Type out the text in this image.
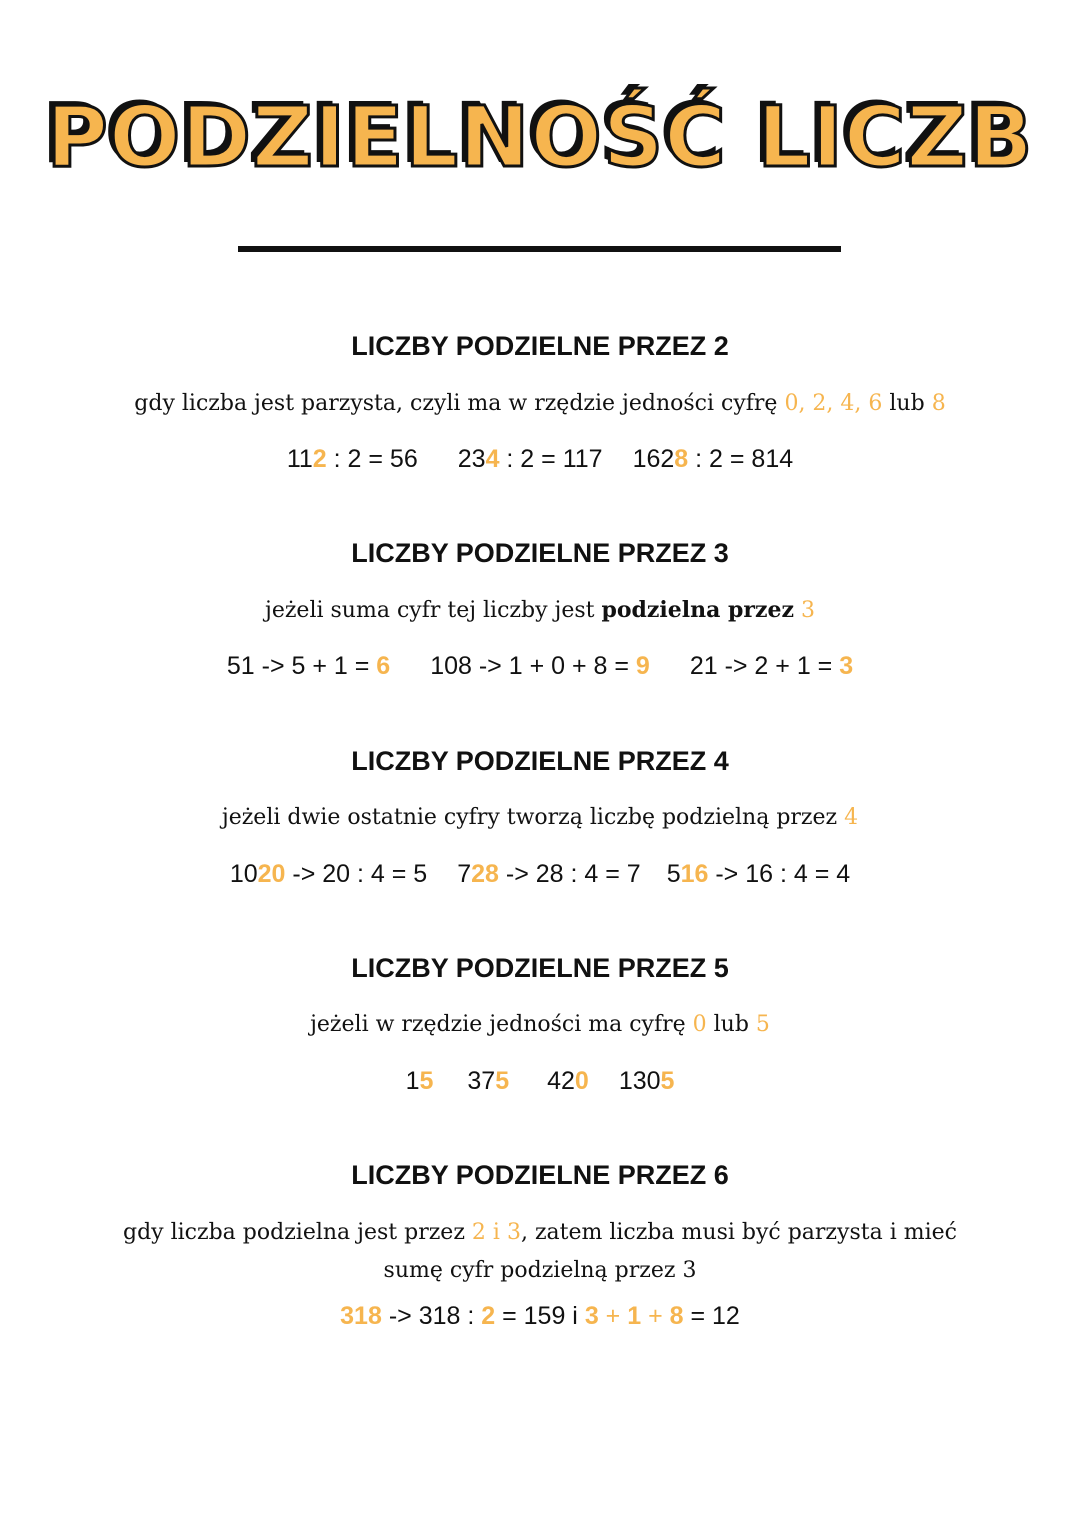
PODZIELNOŚĆ LICZB
LICZBY PODZIELNE PRZEZ 2
gdy liczba jest parzysta, czyli ma w rzędzie jedności cyfrę 0, 2, 4, 6 lub 8
112 : 2 = 56 234 : 2 = 117 1628 : 2 = 814
LICZBY PODZIELNE PRZEZ 3
jeżeli suma cyfr tej liczby jest podzielna przez 3
51 -> 5 + 1 = 6 108 -> 1 + 0 + 8 = 9 21 -> 2 + 1 = 3
LICZBY PODZIELNE PRZEZ 4
jeżeli dwie ostatnie cyfry tworzą liczbę podzielną przez 4
1020 -> 20 : 4 = 5 728 -> 28 : 4 = 7 516 -> 16 : 4 = 4
LICZBY PODZIELNE PRZEZ 5
jeżeli w rzędzie jedności ma cyfrę 0 lub 5
15 375 420 1305
LICZBY PODZIELNE PRZEZ 6
gdy liczba podzielna jest przez 2 i 3, zatem liczba musi być parzysta i mieć
sumę cyfr podzielną przez 3
318 -> 318 : 2 = 159 i 3 + 1 + 8 = 12
